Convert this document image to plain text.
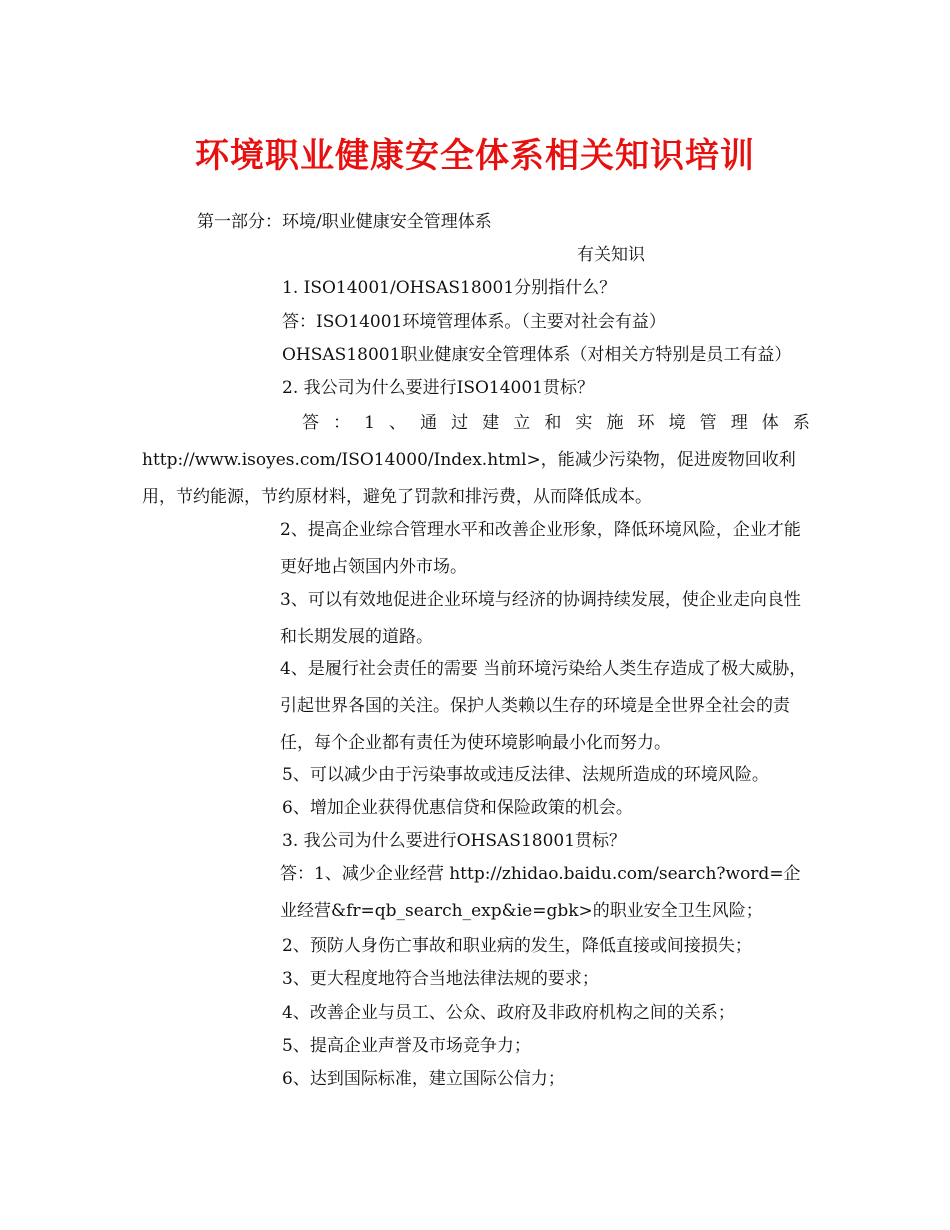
环境职业健康安全体系相关知识培训
第一部分：环境/职业健康安全管理体系
有关知识
1. ISO14001/OHSAS18001分别指什么？
答：ISO14001环境管理体系。（主要对社会有益）
OHSAS18001职业健康安全管理体系（对相关方特别是员工有益）
2. 我公司为什么要进行ISO14001贯标？
答 ： 1 、 通 过 建 立 和 实 施 环 境 管 理 体 系
http://www.isoyes.com/ISO14000/Index.html>，能减少污染物，促进废物回收利用，节约能源，节约原材料，避免了罚款和排污费，从而降低成本。
2、提高企业综合管理水平和改善企业形象，降低环境风险，企业才能更好地占领国内外市场。
3、可以有效地促进企业环境与经济的协调持续发展，使企业走向良性和长期发展的道路。
4、是履行社会责任的需要 当前环境污染给人类生存造成了极大威胁，引起世界各国的关注。保护人类赖以生存的环境是全世界全社会的责任，每个企业都有责任为使环境影响最小化而努力。
5、可以减少由于污染事故或违反法律、法规所造成的环境风险。
6、增加企业获得优惠信贷和保险政策的机会。
3. 我公司为什么要进行OHSAS18001贯标？
答：1、减少企业经营 http://zhidao.baidu.com/search?word=企业经营&fr=qb_search_exp&ie=gbk>的职业安全卫生风险；
2、预防人身伤亡事故和职业病的发生，降低直接或间接损失；
3、更大程度地符合当地法律法规的要求；
4、改善企业与员工、公众、政府及非政府机构之间的关系；
5、提高企业声誉及市场竞争力；
6、达到国际标准，建立国际公信力；
